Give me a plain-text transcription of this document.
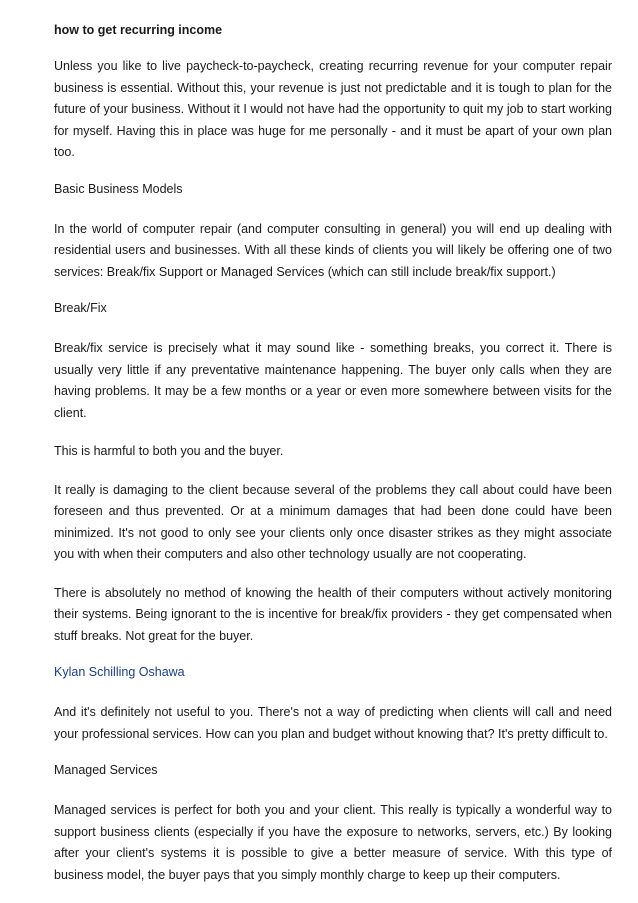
how to get recurring income
Unless you like to live paycheck-to-paycheck, creating recurring revenue for your computer repair business is essential. Without this, your revenue is just not predictable and it is tough to plan for the future of your business. Without it I would not have had the opportunity to quit my job to start working for myself. Having this in place was huge for me personally - and it must be apart of your own plan too.
Basic Business Models
In the world of computer repair (and computer consulting in general) you will end up dealing with residential users and businesses. With all these kinds of clients you will likely be offering one of two services: Break/fix Support or Managed Services (which can still include break/fix support.)
Break/Fix
Break/fix service is precisely what it may sound like - something breaks, you correct it. There is usually very little if any preventative maintenance happening. The buyer only calls when they are having problems. It may be a few months or a year or even more somewhere between visits for the client.
This is harmful to both you and the buyer.
It really is damaging to the client because several of the problems they call about could have been foreseen and thus prevented. Or at a minimum damages that had been done could have been minimized. It's not good to only see your clients only once disaster strikes as they might associate you with when their computers and also other technology usually are not cooperating.
There is absolutely no method of knowing the health of their computers without actively monitoring their systems. Being ignorant to the is incentive for break/fix providers - they get compensated when stuff breaks. Not great for the buyer.
Kylan Schilling Oshawa
And it's definitely not useful to you. There's not a way of predicting when clients will call and need your professional services. How can you plan and budget without knowing that? It's pretty difficult to.
Managed Services
Managed services is perfect for both you and your client. This really is typically a wonderful way to support business clients (especially if you have the exposure to networks, servers, etc.) By looking after your client's systems it is possible to give a better measure of service. With this type of business model, the buyer pays that you simply monthly charge to keep up their computers.
